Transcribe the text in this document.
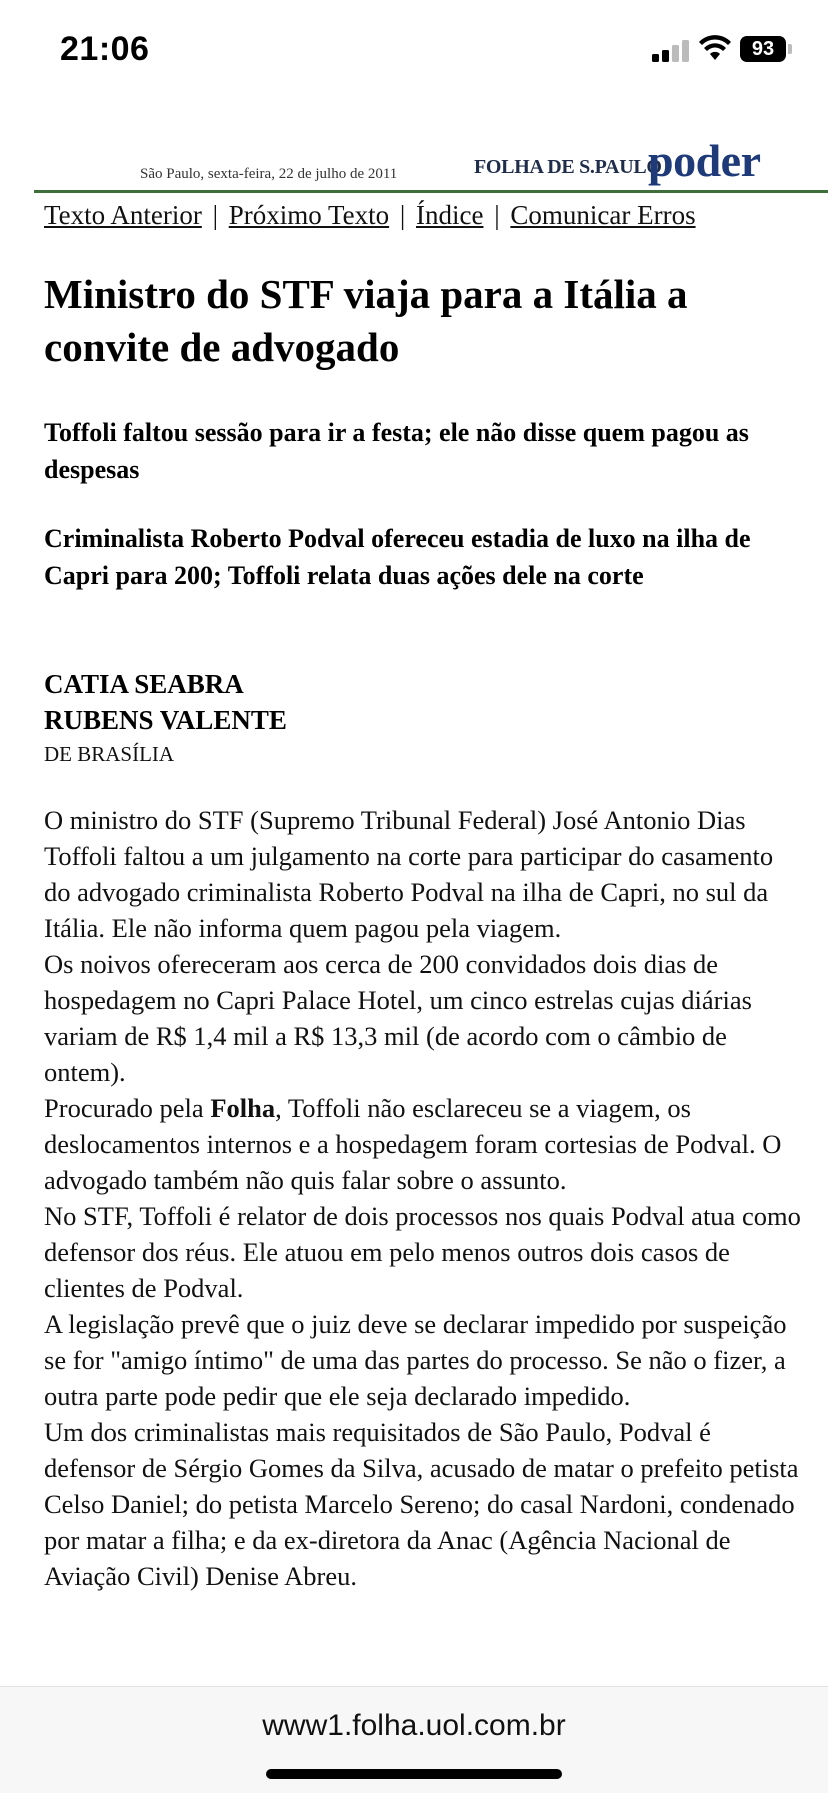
21:06	93
São Paulo, sexta-feira, 22 de julho de 2011	FOLHA DE S.PAULO
poder
Texto Anterior | Próximo Texto | Índice | Comunicar Erros
Ministro do STF viaja para a Itália a convite de advogado

Toffoli faltou sessão para ir a festa; ele não disse quem pagou as despesas

Criminalista Roberto Podval ofereceu estadia de luxo na ilha de Capri para 200; Toffoli relata duas ações dele na corte

CATIA SEABRA
RUBENS VALENTE
DE BRASÍLIA

O ministro do STF (Supremo Tribunal Federal) José Antonio Dias Toffoli faltou a um julgamento na corte para participar do casamento do advogado criminalista Roberto Podval na ilha de Capri, no sul da Itália. Ele não informa quem pagou pela viagem.

Os noivos ofereceram aos cerca de 200 convidados dois dias de hospedagem no Capri Palace Hotel, um cinco estrelas cujas diárias variam de R$ 1,4 mil a R$ 13,3 mil (de acordo com o câmbio de ontem).

Procurado pela Folha, Toffoli não esclareceu se a viagem, os deslocamentos internos e a hospedagem foram cortesias de Podval. O advogado também não quis falar sobre o assunto.

No STF, Toffoli é relator de dois processos nos quais Podval atua como defensor dos réus. Ele atuou em pelo menos outros dois casos de clientes de Podval.

A legislação prevê que o juiz deve se declarar impedido por suspeição se for "amigo íntimo" de uma das partes do processo. Se não o fizer, a outra parte pode pedir que ele seja declarado impedido.

Um dos criminalistas mais requisitados de São Paulo, Podval é defensor de Sérgio Gomes da Silva, acusado de matar o prefeito petista Celso Daniel; do petista Marcelo Sereno; do casal Nardoni, condenado por matar a filha; e da ex-diretora da Anac (Agência Nacional de Aviação Civil) Denise Abreu.

www1.folha.uol.com.br
